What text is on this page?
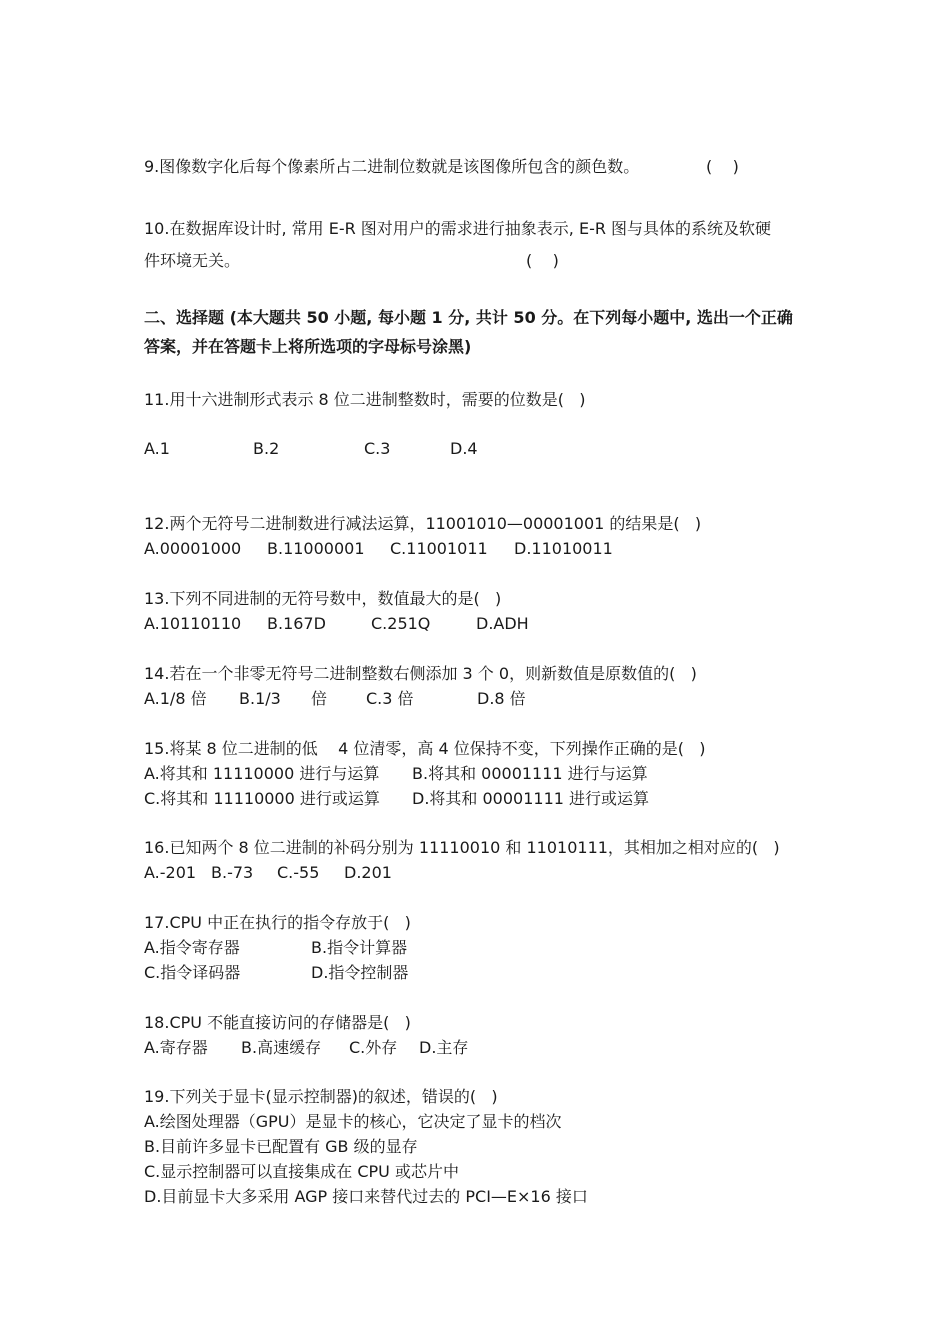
9.图像数字化后每个像素所占二进制位数就是该图像所包含的颜色数。	(    )
10.在数据库设计时, 常用 E-R 图对用户的需求进行抽象表示, E-R 图与具体的系统及软硬
件环境无关。	(    )
二、选择题 (本大题共 50 小题, 每小题 1 分, 共计 50 分。在下列每小题中, 选出一个正确
答案，并在答题卡上将所选项的字母标号涂黑)
11.用十六进制形式表示 8 位二进制整数时，需要的位数是(   )
A.1	B.2	C.3	D.4
12.两个无符号二进制数进行减法运算，11001010—00001001 的结果是(   )
A.00001000 B.11000001 C.11001011 D.11010011
13.下列不同进制的无符号数中，数值最大的是(   )
A.10110110 B.167D	C.251Q	D.ADH
14.若在一个非零无符号二进制整数右侧添加 3 个 0，则新数值是原数值的(   )
A.1/8 倍 B.1/3 倍 C.3 倍	D.8 倍
15.将某 8 位二进制的低    4 位清零，高 4 位保持不变，下列操作正确的是(   )
A.将其和 11110000 进行与运算 B.将其和 00001111 进行与运算
C.将其和 11110000 进行或运算 D.将其和 00001111 进行或运算
16.已知两个 8 位二进制的补码分别为 11110010 和 11010111，其相加之相对应的(   )
A.-201 B.-73 C.-55 D.201
17.CPU 中正在执行的指令存放于(   )
A.指令寄存器	B.指令计算器
C.指令译码器	D.指令控制器
18.CPU 不能直接访问的存储器是(   )
A.寄存器 B.高速缓存 C.外存 D.主存
19.下列关于显卡(显示控制器)的叙述，错误的(   )
A.绘图处理器（GPU）是显卡的核心，它决定了显卡的档次
B.目前许多显卡已配置有 GB 级的显存
C.显示控制器可以直接集成在 CPU 或芯片中
D.目前显卡大多采用 AGP 接口来替代过去的 PCI—E×16 接口
